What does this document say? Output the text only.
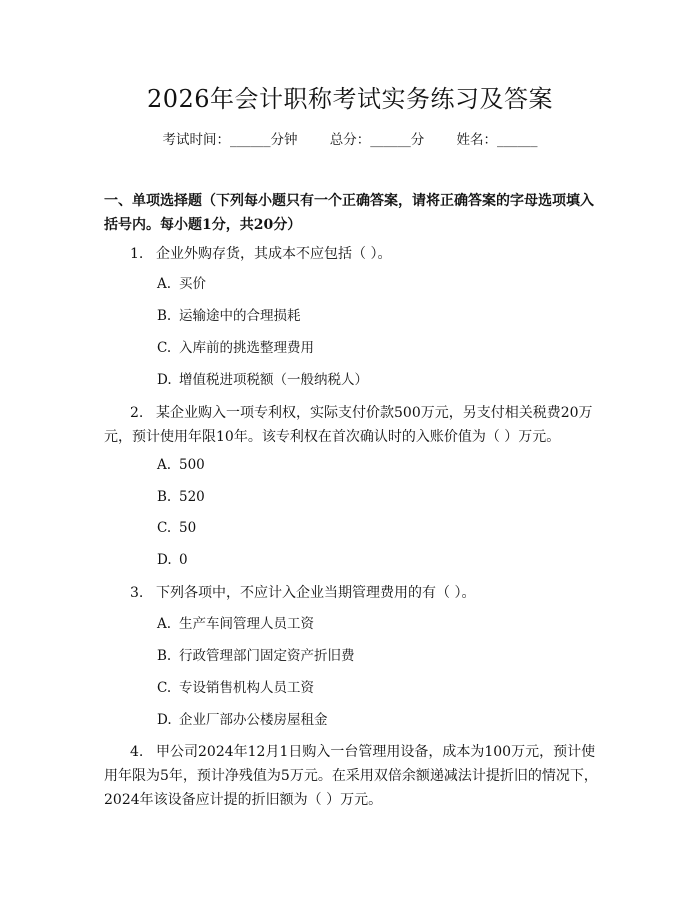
2026年会计职称考试实务练习及答案
考试时间：______分钟 总分：______分 姓名：______
一、单项选择题（下列每小题只有一个正确答案，请将正确答案的字母选项填入括号内。每小题1分，共20分）
1. 企业外购存货，其成本不应包括（ ）。
A. 买价
B. 运输途中的合理损耗
C. 入库前的挑选整理费用
D. 增值税进项税额（一般纳税人）
2. 某企业购入一项专利权，实际支付价款500万元，另支付相关税费20万元，预计使用年限10年。该专利权在首次确认时的入账价值为（ ）万元。
A. 500
B. 520
C. 50
D. 0
3. 下列各项中，不应计入企业当期管理费用的有（ ）。
A. 生产车间管理人员工资
B. 行政管理部门固定资产折旧费
C. 专设销售机构人员工资
D. 企业厂部办公楼房屋租金
4. 甲公司2024年12月1日购入一台管理用设备，成本为100万元，预计使用年限为5年，预计净残值为5万元。在采用双倍余额递减法计提折旧的情况下，2024年该设备应计提的折旧额为（ ）万元。
